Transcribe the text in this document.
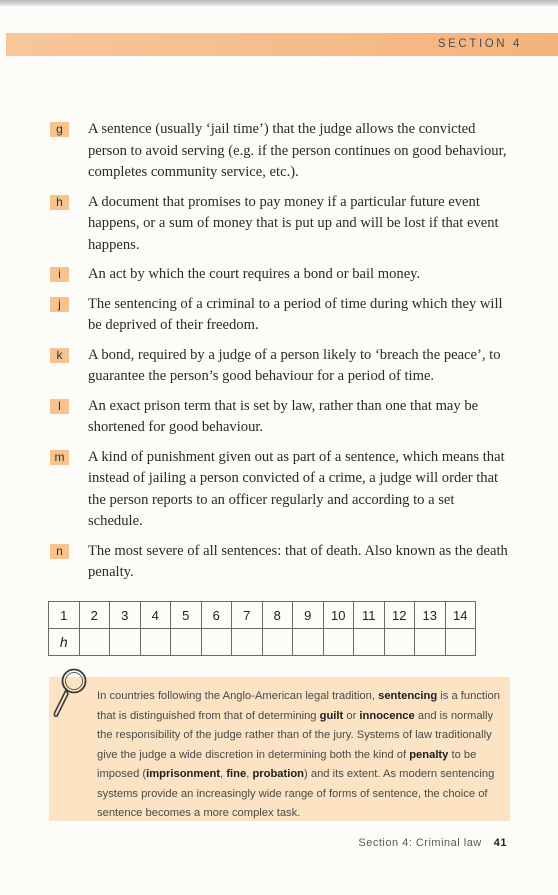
SECTION 4
g	A sentence (usually ‘jail time’) that the judge allows the convicted person to avoid serving (e.g. if the person continues on good behaviour, completes community service, etc.).
h	A document that promises to pay money if a particular future event happens, or a sum of money that is put up and will be lost if that event happens.
i	An act by which the court requires a bond or bail money.
j	The sentencing of a criminal to a period of time during which they will be deprived of their freedom.
k	A bond, required by a judge of a person likely to ‘breach the peace’, to guarantee the person’s good behaviour for a period of time.
l	An exact prison term that is set by law, rather than one that may be shortened for good behaviour.
m	A kind of punishment given out as part of a sentence, which means that instead of jailing a person convicted of a crime, a judge will order that the person reports to an officer regularly and according to a set schedule.
n	The most severe of all sentences: that of death. Also known as the death penalty.
1	2	3	4	5	6	7	8	9	10	11	12	13	14
h													
In countries following the Anglo-American legal tradition, sentencing is a function that is distinguished from that of determining guilt or innocence and is normally the responsibility of the judge rather than of the jury. Systems of law traditionally give the judge a wide discretion in determining both the kind of penalty to be imposed (imprisonment, fine, probation) and its extent. As modern sentencing systems provide an increasingly wide range of forms of sentence, the choice of sentence becomes a more complex task.
Section 4: Criminal law 41
